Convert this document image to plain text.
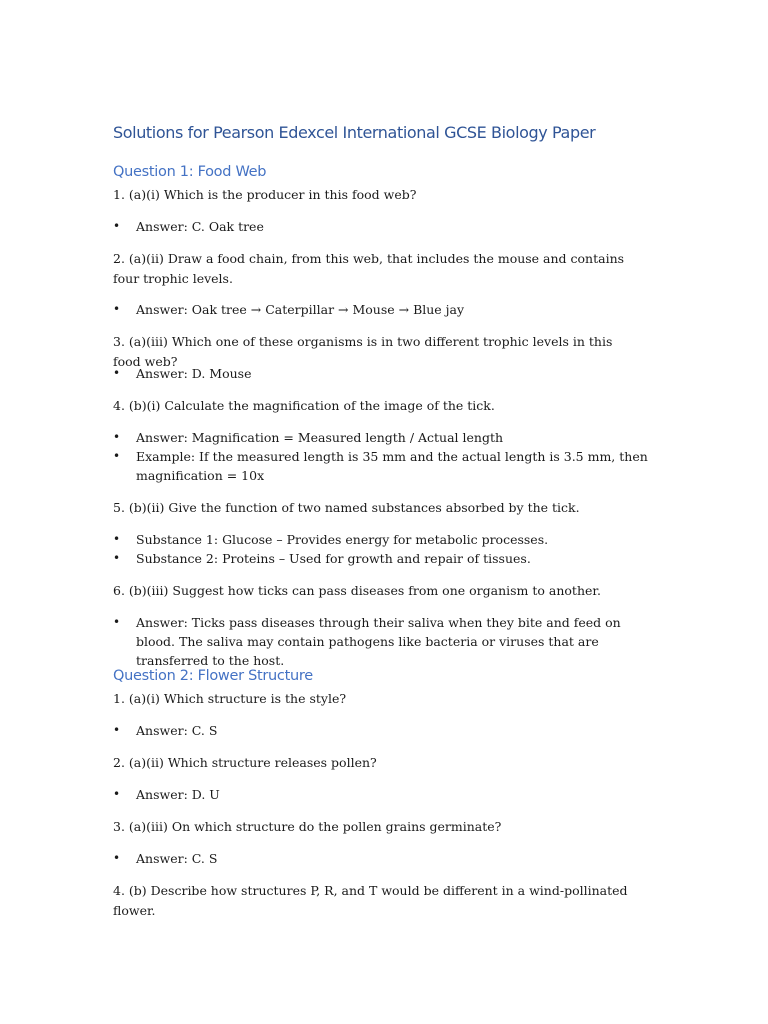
Solutions for Pearson Edexcel International GCSE Biology Paper
Question 1: Food Web
1. (a)(i) Which is the producer in this food web?
• Answer: C. Oak tree
2. (a)(ii) Draw a food chain, from this web, that includes the mouse and contains four trophic levels.
• Answer: Oak tree → Caterpillar → Mouse → Blue jay
3. (a)(iii) Which one of these organisms is in two different trophic levels in this food web?
• Answer: D. Mouse
4. (b)(i) Calculate the magnification of the image of the tick.
• Answer: Magnification = Measured length / Actual length
• Example: If the measured length is 35 mm and the actual length is 3.5 mm, then magnification = 10x
5. (b)(ii) Give the function of two named substances absorbed by the tick.
• Substance 1: Glucose – Provides energy for metabolic processes.
• Substance 2: Proteins – Used for growth and repair of tissues.
6. (b)(iii) Suggest how ticks can pass diseases from one organism to another.
• Answer: Ticks pass diseases through their saliva when they bite and feed on blood. The saliva may contain pathogens like bacteria or viruses that are transferred to the host.
Question 2: Flower Structure
1. (a)(i) Which structure is the style?
• Answer: C. S
2. (a)(ii) Which structure releases pollen?
• Answer: D. U
3. (a)(iii) On which structure do the pollen grains germinate?
• Answer: C. S
4. (b) Describe how structures P, R, and T would be different in a wind-pollinated flower.
